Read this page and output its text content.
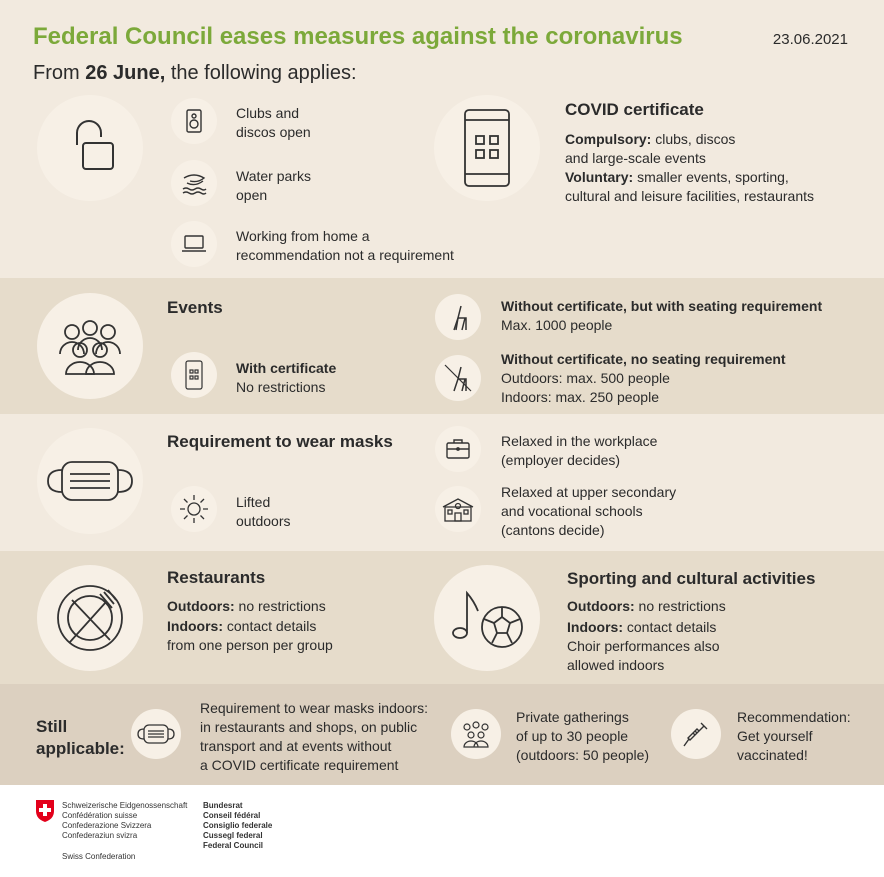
Federal Council eases measures against the coronavirus	23.06.2021
From 26 June, the following applies:
Clubs and
discos open
Water parks
open
Working from home a
recommendation not a requirement
COVID certificate
Compulsory: clubs, discos
and large-scale events
Voluntary: smaller events, sporting,
cultural and leisure facilities, restaurants
Events
With certificate
No restrictions
Without certificate, but with seating requirement
Max. 1000 people
Without certificate, no seating requirement
Outdoors: max. 500 people
Indoors: max. 250 people
Requirement to wear masks
Lifted
outdoors
Relaxed in the workplace
(employer decides)
Relaxed at upper secondary
and vocational schools
(cantons decide)
Restaurants
Outdoors: no restrictions
Indoors: contact details
from one person per group
Sporting and cultural activities
Outdoors: no restrictions
Indoors: contact details
Choir performances also
allowed indoors
Still
applicable:
Requirement to wear masks indoors:
in restaurants and shops, on public
transport and at events without
a COVID certificate requirement
Private gatherings
of up to 30 people
(outdoors: 50 people)
Recommendation:
Get yourself
vaccinated!
Schweizerische Eidgenossenschaft
Confédération suisse
Confederazione Svizzera
Confederaziun svizra
Swiss Confederation
Bundesrat
Conseil fédéral
Consiglio federale
Cussegl federal
Federal Council
